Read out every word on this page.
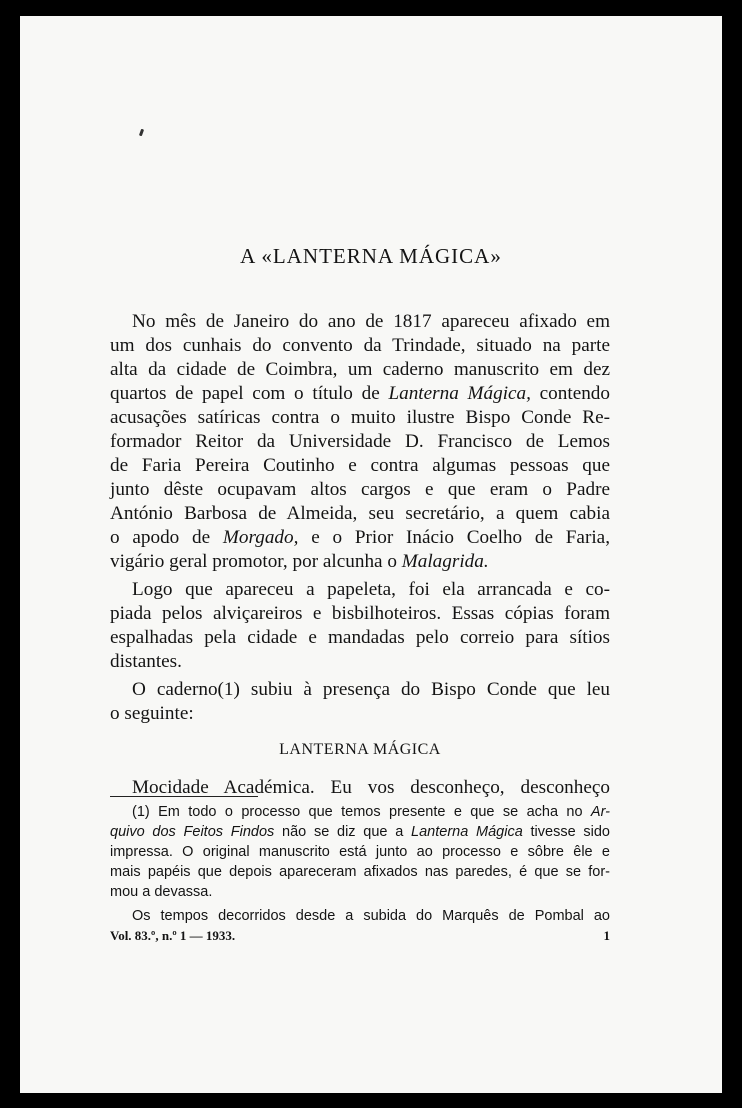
A «LANTERNA MÁGICA»
No mês de Janeiro do ano de 1817 apareceu afixado em
um dos cunhais do convento da Trindade, situado na parte
alta da cidade de Coimbra, um caderno manuscrito em dez
quartos de papel com o título de Lanterna Mágica, contendo
acusações satíricas contra o muito ilustre Bispo Conde Re-
formador Reitor da Universidade D. Francisco de Lemos
de Faria Pereira Coutinho e contra algumas pessoas que
junto dêste ocupavam altos cargos e que eram o Padre
António Barbosa de Almeida, seu secretário, a quem cabia
o apodo de Morgado, e o Prior Inácio Coelho de Faria,
vigário geral promotor, por alcunha o Malagrida.
Logo que apareceu a papeleta, foi ela arrancada e co-
piada pelos alviçareiros e bisbilhoteiros. Essas cópias foram
espalhadas pela cidade e mandadas pelo correio para sítios
distantes.
O caderno(1) subiu à presença do Bispo Conde que leu
o seguinte:
LANTERNA MÁGICA
Mocidade Académica. Eu vos desconheço, desconheço
(1) Em todo o processo que temos presente e que se acha no Ar-
quivo dos Feitos Findos não se diz que a Lanterna Mágica tivesse sido
impressa. O original manuscrito está junto ao processo e sôbre êle e
mais papéis que depois apareceram afixados nas paredes, é que se for-
mou a devassa.
Os tempos decorridos desde a subida do Marquês de Pombal ao
Vol. 83.º, n.º 1 — 1933.	1
